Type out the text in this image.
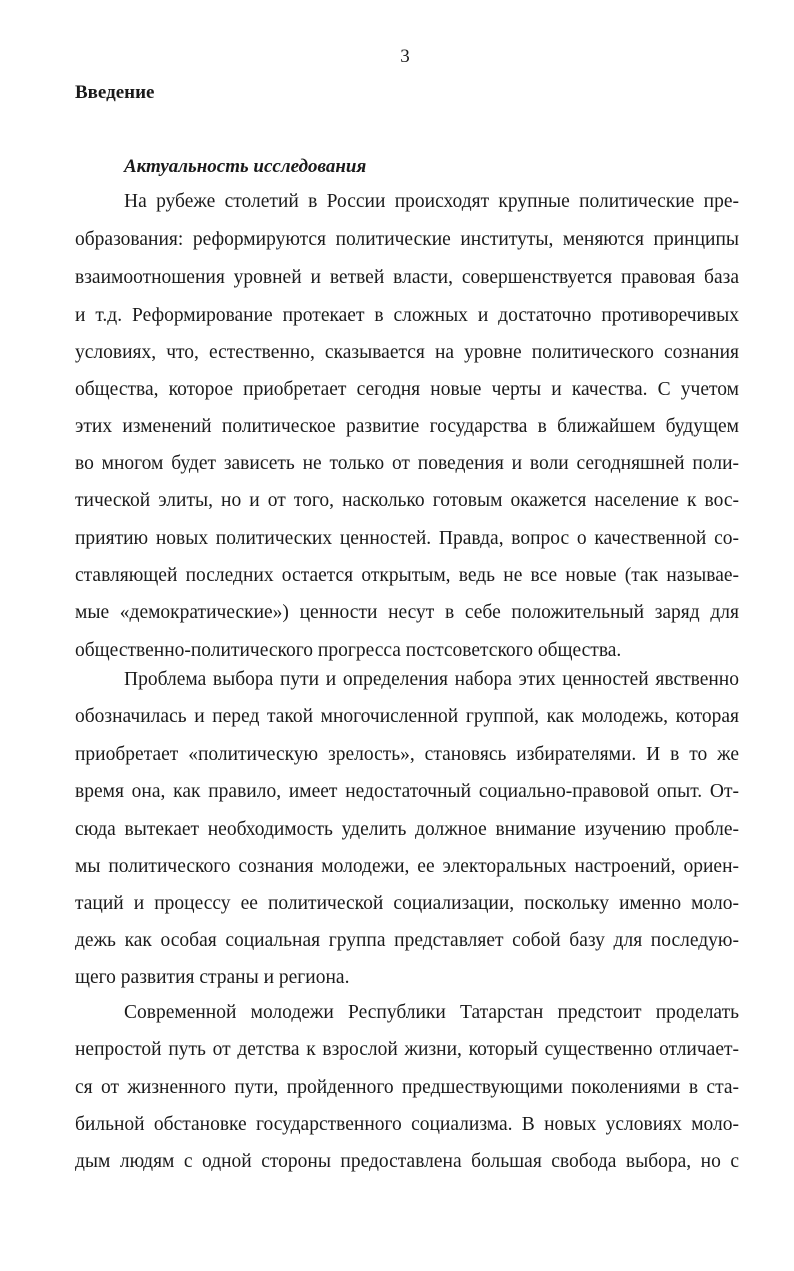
3
Введение
Актуальность исследования
На рубеже столетий в России происходят крупные политические пре-
образования: реформируются политические институты, меняются принципы
взаимоотношения уровней и ветвей власти, совершенствуется правовая база
и т.д. Реформирование протекает в сложных и достаточно противоречивых
условиях, что, естественно, сказывается на уровне политического сознания
общества, которое приобретает сегодня новые черты и качества. С учетом
этих изменений политическое развитие государства в ближайшем будущем
во многом будет зависеть не только от поведения и воли сегодняшней поли-
тической элиты, но и от того, насколько готовым окажется население к вос-
приятию новых политических ценностей. Правда, вопрос о качественной со-
ставляющей последних остается открытым, ведь не все новые (так называе-
мые «демократические») ценности несут в себе положительный заряд для
общественно-политического прогресса постсоветского общества.
Проблема выбора пути и определения набора этих ценностей явственно
обозначилась и перед такой многочисленной группой, как молодежь, которая
приобретает «политическую зрелость», становясь избирателями. И в то же
время она, как правило, имеет недостаточный социально-правовой опыт. От-
сюда вытекает необходимость уделить должное внимание изучению пробле-
мы политического сознания молодежи, ее электоральных настроений, ориен-
таций и процессу ее политической социализации, поскольку именно моло-
дежь как особая социальная группа представляет собой базу для последую-
щего развития страны и региона.
Современной молодежи Республики Татарстан предстоит проделать
непростой путь от детства к взрослой жизни, который существенно отличает-
ся от жизненного пути, пройденного предшествующими поколениями в ста-
бильной обстановке государственного социализма. В новых условиях моло-
дым людям с одной стороны предоставлена большая свобода выбора, но с
